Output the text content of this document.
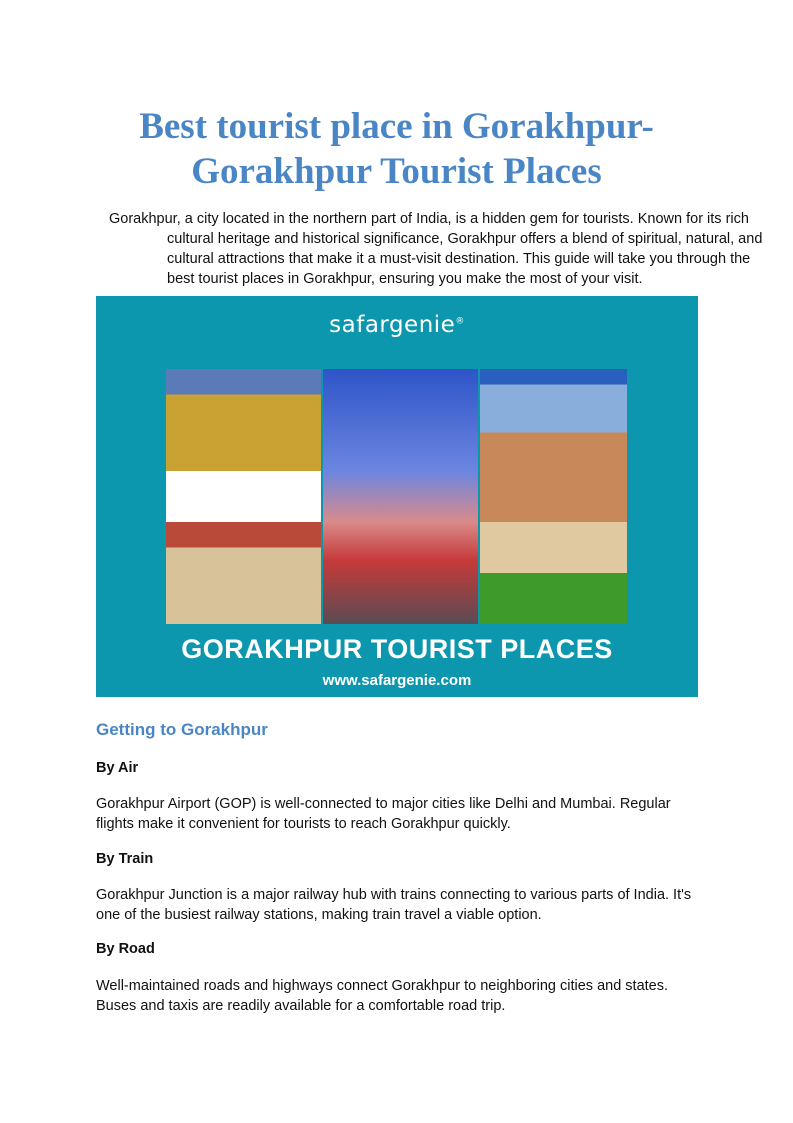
Best tourist place in Gorakhpur-Gorakhpur Tourist Places

Gorakhpur, a city located in the northern part of India, is a hidden gem for tourists. Known for its rich cultural heritage and historical significance, Gorakhpur offers a blend of spiritual, natural, and cultural attractions that make it a must-visit destination. This guide will take you through the best tourist places in Gorakhpur, ensuring you make the most of your visit.

safargenie®
GORAKHPUR TOURIST PLACES
www.safargenie.com
Getting to Gorakhpur
By Air

Gorakhpur Airport (GOP) is well-connected to major cities like Delhi and Mumbai. Regular flights make it convenient for tourists to reach Gorakhpur quickly.

By Train

Gorakhpur Junction is a major railway hub with trains connecting to various parts of India. It's one of the busiest railway stations, making train travel a viable option.

By Road

Well-maintained roads and highways connect Gorakhpur to neighboring cities and states. Buses and taxis are readily available for a comfortable road trip.
